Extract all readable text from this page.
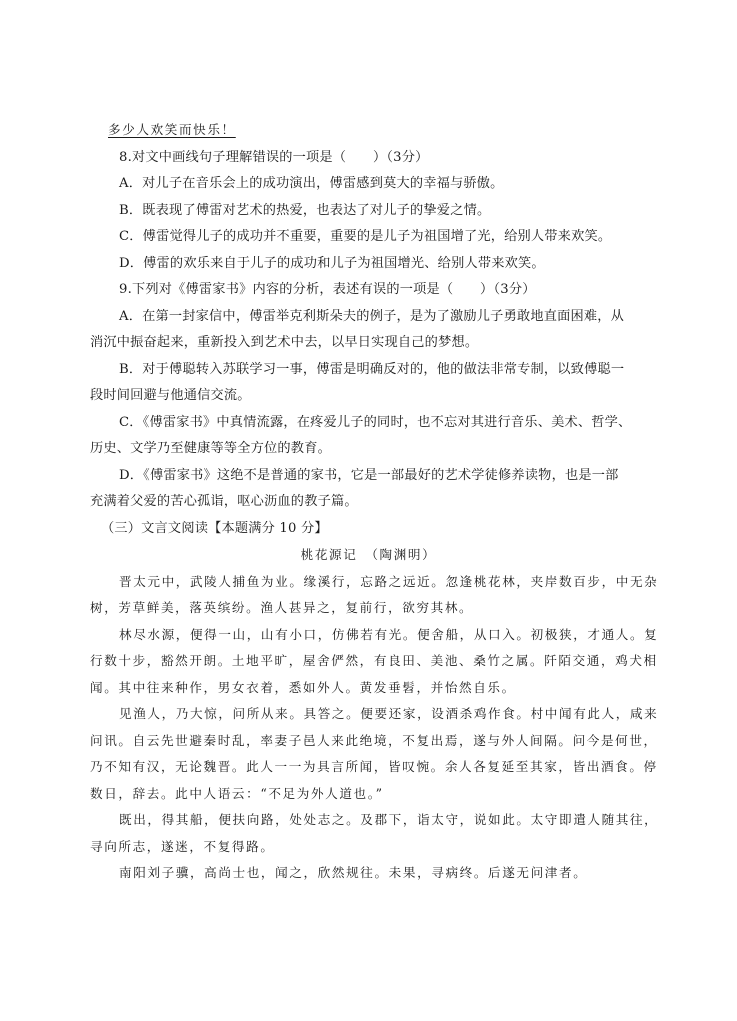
多少人欢笑而快乐！
8.对文中画线句子理解错误的一项是（　　）（3分）
A．对儿子在音乐会上的成功演出，傅雷感到莫大的幸福与骄傲。
B．既表现了傅雷对艺术的热爱，也表达了对儿子的挚爱之情。
C．傅雷觉得儿子的成功并不重要，重要的是儿子为祖国增了光，给别人带来欢笑。
D．傅雷的欢乐来自于儿子的成功和儿子为祖国增光、给别人带来欢笑。
9.下列对《傅雷家书》内容的分析，表述有误的一项是（　　）（3分）
A．在第一封家信中，傅雷举克利斯朵夫的例子，是为了激励儿子勇敢地直面困难，从
消沉中振奋起来，重新投入到艺术中去，以早日实现自己的梦想。
B．对于傅聪转入苏联学习一事，傅雷是明确反对的，他的做法非常专制，以致傅聪一
段时间回避与他通信交流。
C．《傅雷家书》中真情流露，在疼爱儿子的同时，也不忘对其进行音乐、美术、哲学、
历史、文学乃至健康等等全方位的教育。
D．《傅雷家书》这绝不是普通的家书，它是一部最好的艺术学徒修养读物，也是一部
充满着父爱的苦心孤诣，呕心沥血的教子篇。
（三）文言文阅读【本题满分 10 分】
桃花源记　（陶渊明）
晋太元中，武陵人捕鱼为业。缘溪行，忘路之远近。忽逢桃花林，夹岸数百步，中无杂
树，芳草鲜美，落英缤纷。渔人甚异之，复前行，欲穷其林。
林尽水源，便得一山，山有小口，仿佛若有光。便舍船，从口入。初极狭，才通人。复
行数十步，豁然开朗。土地平旷，屋舍俨然，有良田、美池、桑竹之属。阡陌交通，鸡犬相
闻。其中往来种作，男女衣着，悉如外人。黄发垂髫，并怡然自乐。
见渔人，乃大惊，问所从来。具答之。便要还家，设酒杀鸡作食。村中闻有此人，咸来
问讯。自云先世避秦时乱，率妻子邑人来此绝境，不复出焉，遂与外人间隔。问今是何世，
乃不知有汉，无论魏晋。此人一一为具言所闻，皆叹惋。余人各复延至其家，皆出酒食。停
数日，辞去。此中人语云：“不足为外人道也。”
既出，得其船，便扶向路，处处志之。及郡下，诣太守，说如此。太守即遣人随其往，
寻向所志，遂迷，不复得路。
南阳刘子骥，高尚士也，闻之，欣然规往。未果，寻病终。后遂无问津者。
